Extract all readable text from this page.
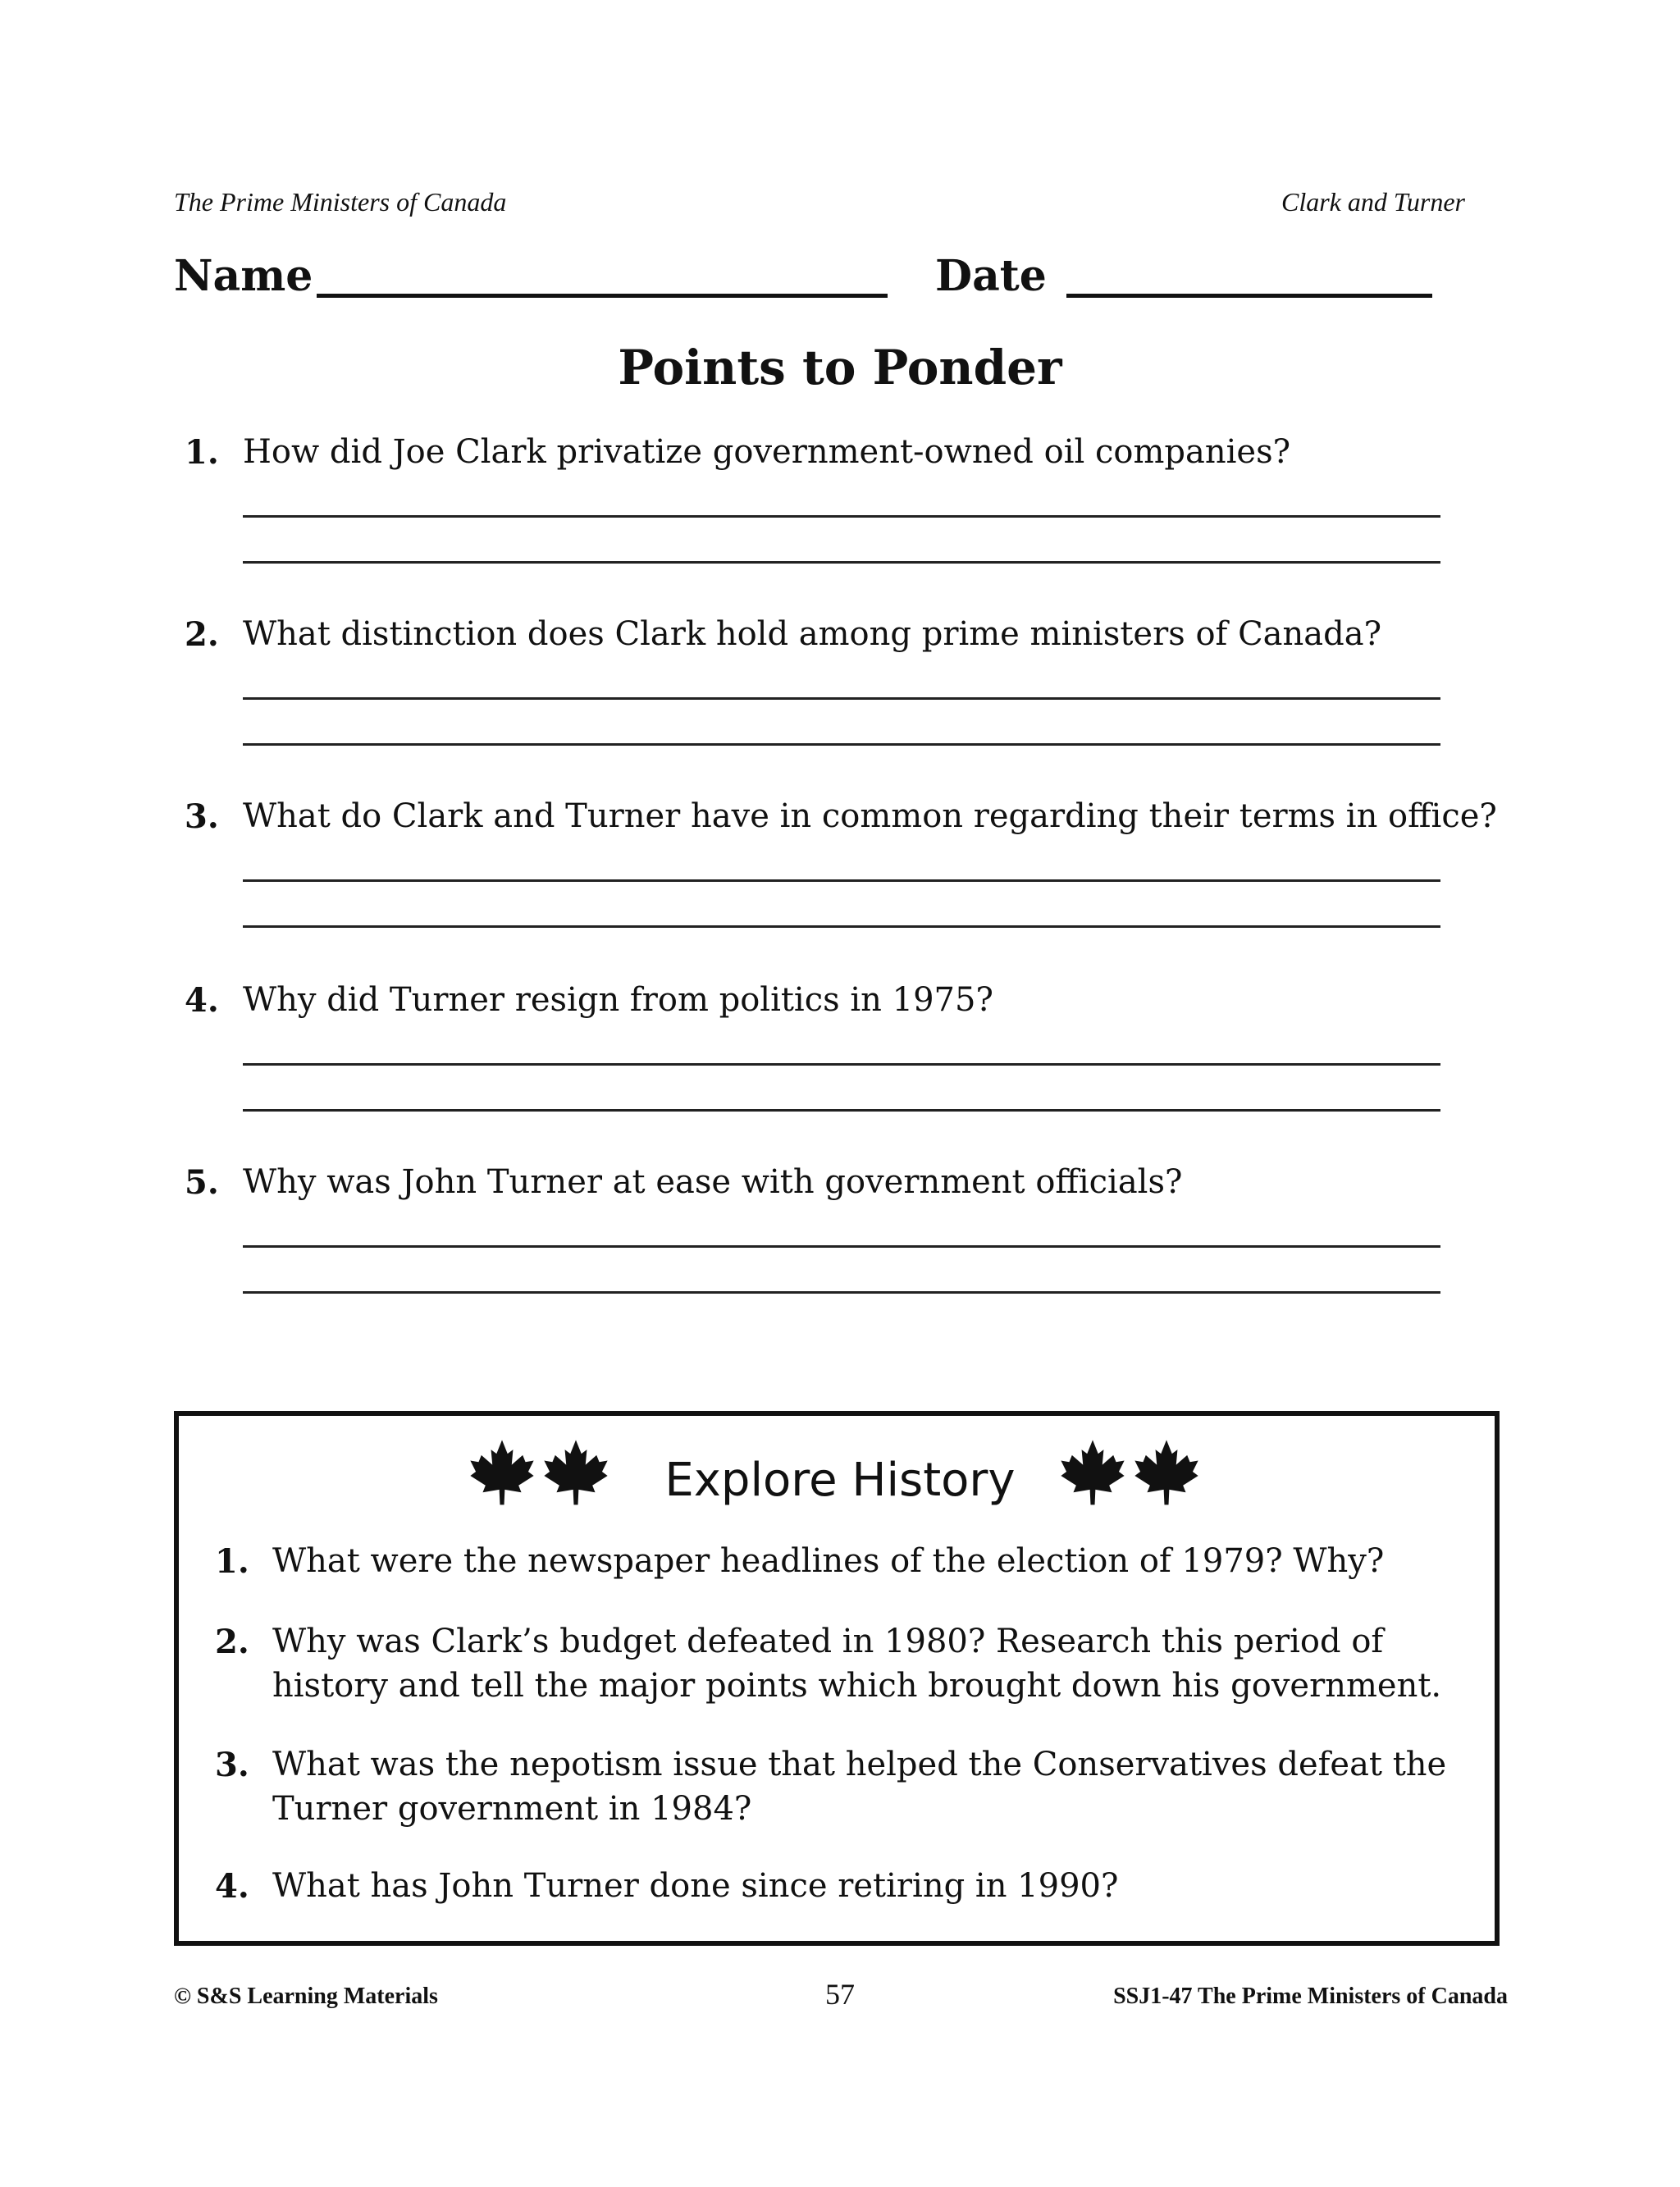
The Prime Ministers of Canada	Clark and Turner
Name	Date
Points to Ponder
1. How did Joe Clark privatize government-owned oil companies?
2. What distinction does Clark hold among prime ministers of Canada?
3. What do Clark and Turner have in common regarding their terms in office?
4. Why did Turner resign from politics in 1975?
5. Why was John Turner at ease with government officials?
Explore History
1. What were the newspaper headlines of the election of 1979? Why?
2. Why was Clark’s budget defeated in 1980? Research this period of history and tell the major points which brought down his government.
3. What was the nepotism issue that helped the Conservatives defeat the Turner government in 1984?
4. What has John Turner done since retiring in 1990?
© S&S Learning Materials	57	SSJ1-47 The Prime Ministers of Canada
